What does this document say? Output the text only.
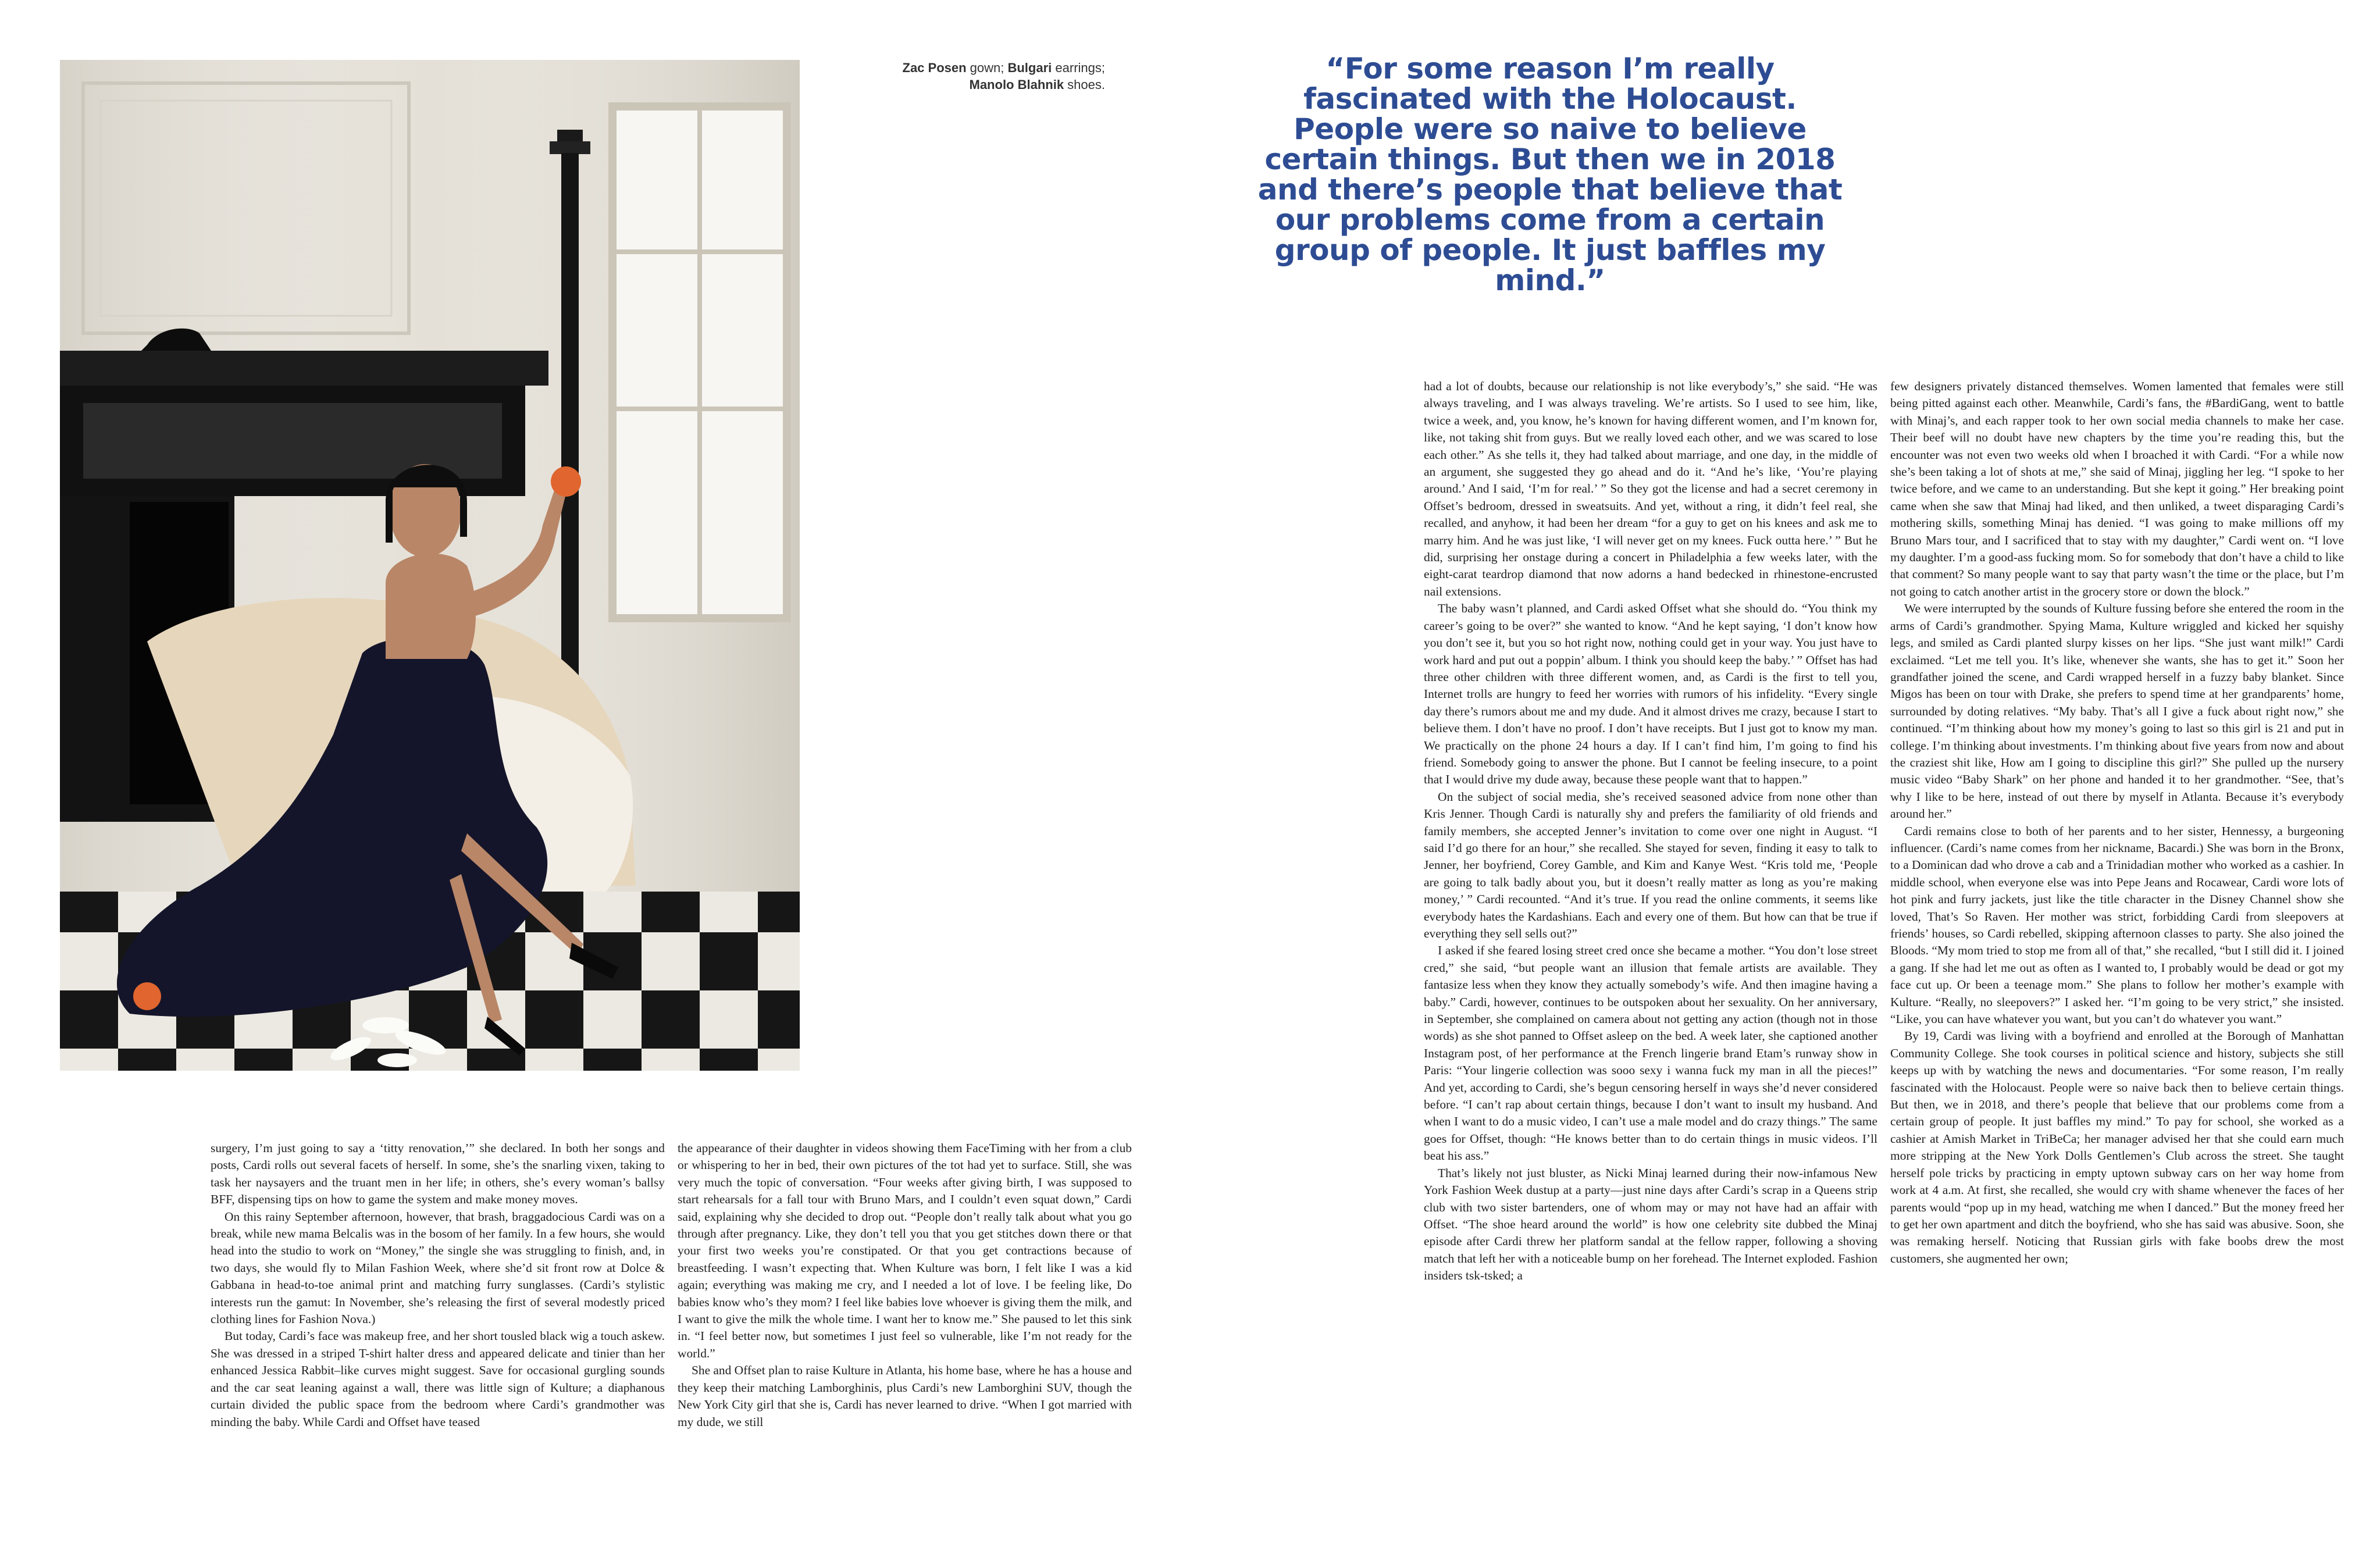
Zac Posen gown; Bulgari earrings;
Manolo Blahnik shoes.	“For some reason I’m really fascinated with the Holocaust. People were so naive to believe certain things. But then we in 2018 and there’s people that believe that our problems come from a certain group of people. It just baffles my mind.”

surgery, I’m just going to say a ‘titty renovation,’” she declared. In both her songs and posts, Cardi rolls out several facets of herself. In some, she’s the snarling vixen, taking to task her naysayers and the truant men in her life; in others, she’s every woman’s ballsy BFF, dispensing tips on how to game the system and make money moves.

On this rainy September afternoon, however, that brash, braggadocious Cardi was on a break, while new mama Belcalis was in the bosom of her family. In a few hours, she would head into the studio to work on “Money,” the single she was struggling to finish, and, in two days, she would fly to Milan Fashion Week, where she’d sit front row at Dolce & Gabbana in head-to-toe animal print and matching furry sunglasses. (Cardi’s stylistic interests run the gamut: In November, she’s releasing the first of several modestly priced clothing lines for Fashion Nova.)

But today, Cardi’s face was makeup free, and her short tousled black wig a touch askew. She was dressed in a striped T-shirt halter dress and appeared delicate and tinier than her enhanced Jessica Rabbit–like curves might suggest. Save for occasional gurgling sounds and the car seat leaning against a wall, there was little sign of Kulture; a diaphanous curtain divided the public space from the bedroom where Cardi’s grandmother was minding the baby. While Cardi and Offset have teased

the appearance of their daughter in videos showing them FaceTiming with her from a club or whispering to her in bed, their own pictures of the tot had yet to surface. Still, she was very much the topic of conversation. “Four weeks after giving birth, I was supposed to start rehearsals for a fall tour with Bruno Mars, and I couldn’t even squat down,” Cardi said, explaining why she decided to drop out. “People don’t really talk about what you go through after pregnancy. Like, they don’t tell you that you get stitches down there or that your first two weeks you’re constipated. Or that you get contractions because of breastfeeding. I wasn’t expecting that. When Kulture was born, I felt like I was a kid again; everything was making me cry, and I needed a lot of love. I be feeling like, Do babies know who’s they mom? I feel like babies love whoever is giving them the milk, and I want to give the milk the whole time. I want her to know me.” She paused to let this sink in. “I feel better now, but sometimes I just feel so vulnerable, like I’m not ready for the world.”

She and Offset plan to raise Kulture in Atlanta, his home base, where he has a house and they keep their matching Lamborghinis, plus Cardi’s new Lamborghini SUV, though the New York City girl that she is, Cardi has never learned to drive. “When I got married with my dude, we still

had a lot of doubts, because our relationship is not like everybody’s,” she said. “He was always traveling, and I was always traveling. We’re artists. So I used to see him, like, twice a week, and, you know, he’s known for having different women, and I’m known for, like, not taking shit from guys. But we really loved each other, and we was scared to lose each other.” As she tells it, they had talked about marriage, and one day, in the middle of an argument, she suggested they go ahead and do it. “And he’s like, ‘You’re playing around.’ And I said, ‘I’m for real.’ ” So they got the license and had a secret ceremony in Offset’s bedroom, dressed in sweatsuits. And yet, without a ring, it didn’t feel real, she recalled, and anyhow, it had been her dream “for a guy to get on his knees and ask me to marry him. And he was just like, ‘I will never get on my knees. Fuck outta here.’ ” But he did, surprising her onstage during a concert in Philadelphia a few weeks later, with the eight-carat teardrop diamond that now adorns a hand bedecked in rhinestone-encrusted nail extensions.

The baby wasn’t planned, and Cardi asked Offset what she should do. “You think my career’s going to be over?” she wanted to know. “And he kept saying, ‘I don’t know how you don’t see it, but you so hot right now, nothing could get in your way. You just have to work hard and put out a poppin’ album. I think you should keep the baby.’ ” Offset has had three other children with three different women, and, as Cardi is the first to tell you, Internet trolls are hungry to feed her worries with rumors of his infidelity. “Every single day there’s rumors about me and my dude. And it almost drives me crazy, because I start to believe them. I don’t have no proof. I don’t have receipts. But I just got to know my man. We practically on the phone 24 hours a day. If I can’t find him, I’m going to find his friend. Somebody going to answer the phone. But I cannot be feeling insecure, to a point that I would drive my dude away, because these people want that to happen.”

On the subject of social media, she’s received seasoned advice from none other than Kris Jenner. Though Cardi is naturally shy and prefers the familiarity of old friends and family members, she accepted Jenner’s invitation to come over one night in August. “I said I’d go there for an hour,” she recalled. She stayed for seven, finding it easy to talk to Jenner, her boyfriend, Corey Gamble, and Kim and Kanye West. “Kris told me, ‘People are going to talk badly about you, but it doesn’t really matter as long as you’re making money,’ ” Cardi recounted. “And it’s true. If you read the online comments, it seems like everybody hates the Kardashians. Each and every one of them. But how can that be true if everything they sell sells out?”

I asked if she feared losing street cred once she became a mother. “You don’t lose street cred,” she said, “but people want an illusion that female artists are available. They fantasize less when they know they actually somebody’s wife. And then imagine having a baby.” Cardi, however, continues to be outspoken about her sexuality. On her anniversary, in September, she complained on camera about not getting any action (though not in those words) as she shot panned to Offset asleep on the bed. A week later, she captioned another Instagram post, of her performance at the French lingerie brand Etam’s runway show in Paris: “Your lingerie collection was sooo sexy i wanna fuck my man in all the pieces!” And yet, according to Cardi, she’s begun censoring herself in ways she’d never considered before. “I can’t rap about certain things, because I don’t want to insult my husband. And when I want to do a music video, I can’t use a male model and do crazy things.” The same goes for Offset, though: “He knows better than to do certain things in music videos. I’ll beat his ass.”

That’s likely not just bluster, as Nicki Minaj learned during their now-infamous New York Fashion Week dustup at a party—just nine days after Cardi’s scrap in a Queens strip club with two sister bartenders, one of whom may or may not have had an affair with Offset. “The shoe heard around the world” is how one celebrity site dubbed the Minaj episode after Cardi threw her platform sandal at the fellow rapper, following a shoving match that left her with a noticeable bump on her forehead. The Internet exploded. Fashion insiders tsk-tsked; a

few designers privately distanced themselves. Women lamented that females were still being pitted against each other. Meanwhile, Cardi’s fans, the #BardiGang, went to battle with Minaj’s, and each rapper took to her own social media channels to make her case. Their beef will no doubt have new chapters by the time you’re reading this, but the encounter was not even two weeks old when I broached it with Cardi. “For a while now she’s been taking a lot of shots at me,” she said of Minaj, jiggling her leg. “I spoke to her twice before, and we came to an understanding. But she kept it going.” Her breaking point came when she saw that Minaj had liked, and then unliked, a tweet disparaging Cardi’s mothering skills, something Minaj has denied. “I was going to make millions off my Bruno Mars tour, and I sacrificed that to stay with my daughter,” Cardi went on. “I love my daughter. I’m a good-ass fucking mom. So for somebody that don’t have a child to like that comment? So many people want to say that party wasn’t the time or the place, but I’m not going to catch another artist in the grocery store or down the block.”

We were interrupted by the sounds of Kulture fussing before she entered the room in the arms of Cardi’s grandmother. Spying Mama, Kulture wriggled and kicked her squishy legs, and smiled as Cardi planted slurpy kisses on her lips. “She just want milk!” Cardi exclaimed. “Let me tell you. It’s like, whenever she wants, she has to get it.” Soon her grandfather joined the scene, and Cardi wrapped herself in a fuzzy baby blanket. Since Migos has been on tour with Drake, she prefers to spend time at her grandparents’ home, surrounded by doting relatives. “My baby. That’s all I give a fuck about right now,” she continued. “I’m thinking about how my money’s going to last so this girl is 21 and put in college. I’m thinking about investments. I’m thinking about five years from now and about the craziest shit like, How am I going to discipline this girl?” She pulled up the nursery music video “Baby Shark” on her phone and handed it to her grandmother. “See, that’s why I like to be here, instead of out there by myself in Atlanta. Because it’s everybody around her.”

Cardi remains close to both of her parents and to her sister, Hennessy, a burgeoning influencer. (Cardi’s name comes from her nickname, Bacardi.) She was born in the Bronx, to a Dominican dad who drove a cab and a Trinidadian mother who worked as a cashier. In middle school, when everyone else was into Pepe Jeans and Rocawear, Cardi wore lots of hot pink and furry jackets, just like the title character in the Disney Channel show she loved, That’s So Raven. Her mother was strict, forbidding Cardi from sleepovers at friends’ houses, so Cardi rebelled, skipping afternoon classes to party. She also joined the Bloods. “My mom tried to stop me from all of that,” she recalled, “but I still did it. I joined a gang. If she had let me out as often as I wanted to, I probably would be dead or got my face cut up. Or been a teenage mom.” She plans to follow her mother’s example with Kulture. “Really, no sleepovers?” I asked her. “I’m going to be very strict,” she insisted. “Like, you can have whatever you want, but you can’t do whatever you want.”

By 19, Cardi was living with a boyfriend and enrolled at the Borough of Manhattan Community College. She took courses in political science and history, subjects she still keeps up with by watching the news and documentaries. “For some reason, I’m really fascinated with the Holocaust. People were so naive back then to believe certain things. But then, we in 2018, and there’s people that believe that our problems come from a certain group of people. It just baffles my mind.” To pay for school, she worked as a cashier at Amish Market in TriBeCa; her manager advised her that she could earn much more stripping at the New York Dolls Gentlemen’s Club across the street. She taught herself pole tricks by practicing in empty uptown subway cars on her way home from work at 4 a.m. At first, she recalled, she would cry with shame whenever the faces of her parents would “pop up in my head, watching me when I danced.” But the money freed her to get her own apartment and ditch the boyfriend, who she has said was abusive. Soon, she was remaking herself. Noticing that Russian girls with fake boobs drew the most customers, she augmented her own;
